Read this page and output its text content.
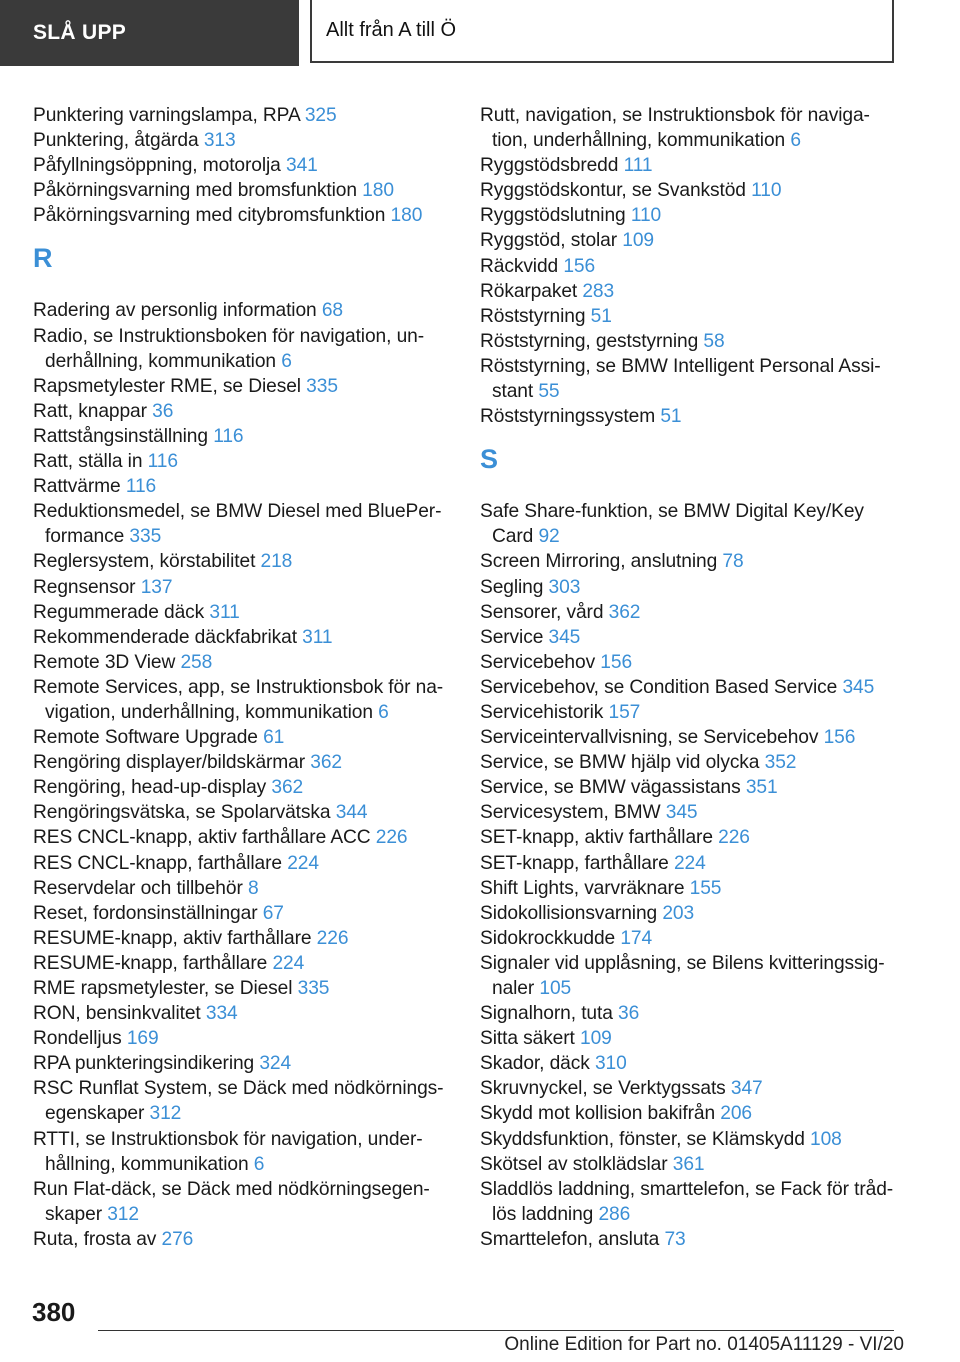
SLÅ UPP	Allt från A till Ö
Punktering varningslampa, RPA 325
Punktering, åtgärda 313
Påfyllningsöppning, motorolja 341
Påkörningsvarning med bromsfunktion 180
Påkörningsvarning med citybromsfunktion 180
R
Radering av personlig information 68
Radio, se Instruktionsboken för navigation, un-derhållning, kommunikation 6
Rapsmetylester RME, se Diesel 335
Ratt, knappar 36
Rattstångsinställning 116
Ratt, ställa in 116
Rattvärme 116
Reduktionsmedel, se BMW Diesel med BluePer-formance 335
Reglersystem, körstabilitet 218
Regnsensor 137
Regummerade däck 311
Rekommenderade däckfabrikat 311
Remote 3D View 258
Remote Services, app, se Instruktionsbok för na-vigation, underhållning, kommunikation 6
Remote Software Upgrade 61
Rengöring displayer/bildskärmar 362
Rengöring, head-up-display 362
Rengöringsvätska, se Spolarvätska 344
RES CNCL-knapp, aktiv farthållare ACC 226
RES CNCL-knapp, farthållare 224
Reservdelar och tillbehör 8
Reset, fordonsinställningar 67
RESUME-knapp, aktiv farthållare 226
RESUME-knapp, farthållare 224
RME rapsmetylester, se Diesel 335
RON, bensinkvalitet 334
Rondelljus 169
RPA punkteringsindikering 324
RSC Runflat System, se Däck med nödkörnings-egenskaper 312
RTTI, se Instruktionsbok för navigation, under-hållning, kommunikation 6
Run Flat-däck, se Däck med nödkörningsegen-skaper 312
Ruta, frosta av 276
Rutt, navigation, se Instruktionsbok för naviga-tion, underhållning, kommunikation 6
Ryggstödsbredd 111
Ryggstödskontur, se Svankstöd 110
Ryggstödslutning 110
Ryggstöd, stolar 109
Räckvidd 156
Rökarpaket 283
Röststyrning 51
Röststyrning, geststyrning 58
Röststyrning, se BMW Intelligent Personal Assi-stant 55
Röststyrningssystem 51
S
Safe Share-funktion, se BMW Digital Key/Key Card 92
Screen Mirroring, anslutning 78
Segling 303
Sensorer, vård 362
Service 345
Servicebehov 156
Servicebehov, se Condition Based Service 345
Servicehistorik 157
Serviceintervallvisning, se Servicebehov 156
Service, se BMW hjälp vid olycka 352
Service, se BMW vägassistans 351
Servicesystem, BMW 345
SET-knapp, aktiv farthållare 226
SET-knapp, farthållare 224
Shift Lights, varvräknare 155
Sidokollisionsvarning 203
Sidokrockkudde 174
Signaler vid upplåsning, se Bilens kvitteringssig-naler 105
Signalhorn, tuta 36
Sitta säkert 109
Skador, däck 310
Skruvnyckel, se Verktygssats 347
Skydd mot kollision bakifrån 206
Skyddsfunktion, fönster, se Klämskydd 108
Skötsel av stolklädslar 361
Sladdlös laddning, smarttelefon, se Fack för tråd-lös laddning 286
Smarttelefon, ansluta 73
380
Online Edition for Part no. 01405A11129 - VI/20
